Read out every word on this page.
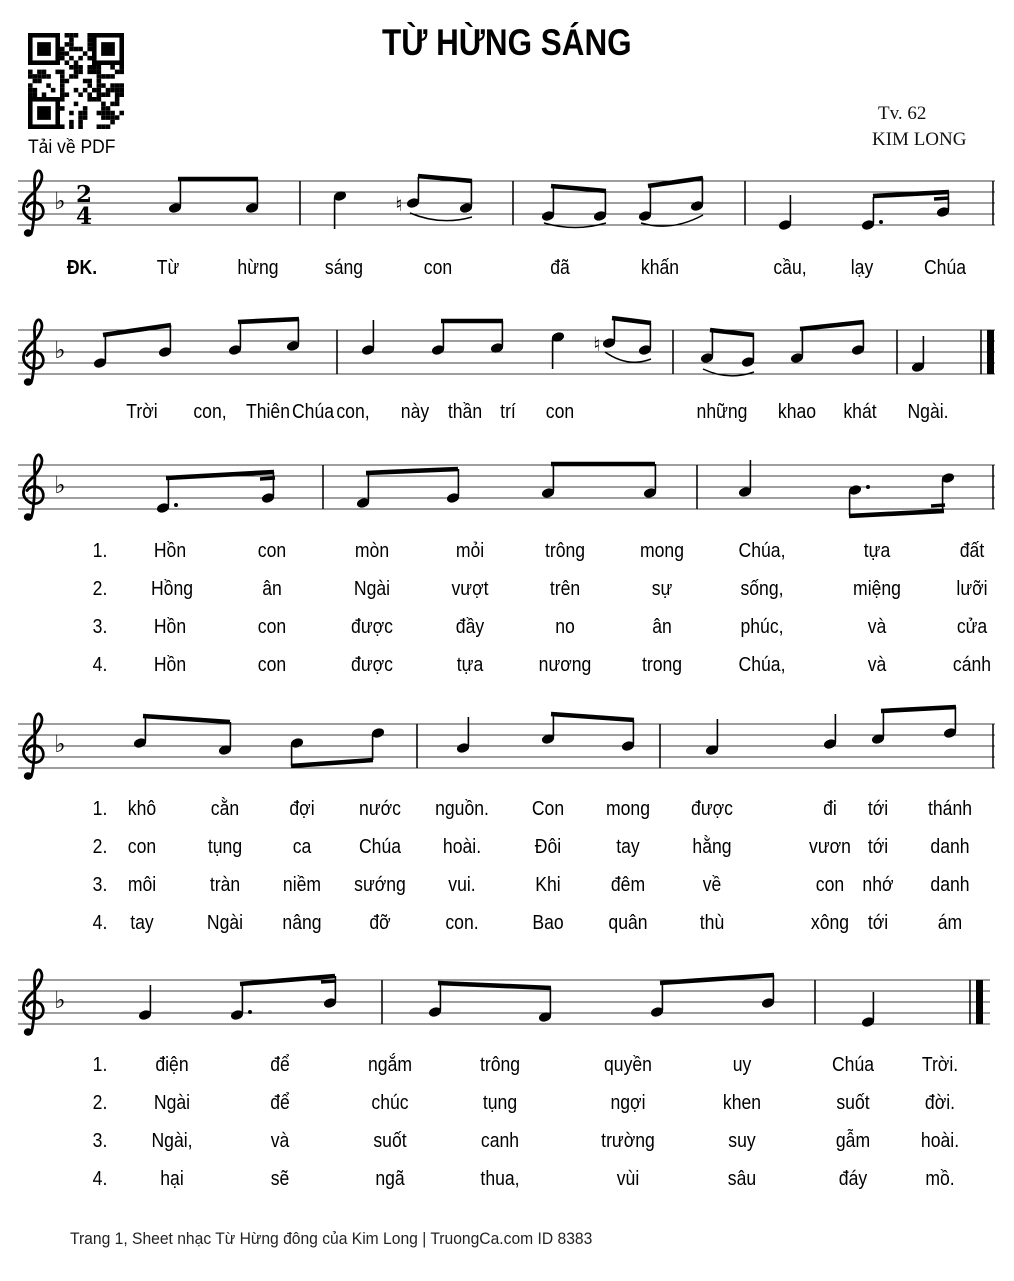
Tải về PDF
TỪ HỪNG SÁNG
Tv. 62
KIM LONG
♭ 2
4	♮
♭	♮
♭
♭
♭
ĐK.	Từ	hừng sáng	con	đã	khấn	cầu, lạy	Chúa
Trời con, Thiên Chúa con, này thần trí con	những khao khát Ngài.
1. Hồn	con	mòn	mỏi	trông	mong	Chúa,	tựa	đất
2. Hồng	ân	Ngài	vượt	trên	sự	sống,	miệng	lưỡi
3. Hồn	con	được	đầy	no	ân	phúc,	và	cửa
4. Hồn	con	được	tựa	nương	trong	Chúa,	và	cánh
1. khô	cằn	đợi nước nguồn. Con mong được	đi tới thánh
2. con	tụng	ca Chúa hoài.	Đôi	tay	hằng	vươn tới danh
3. môi	tràn niềm sướng vui.	Khi	đêm	về	con nhớ danh
4. tay	Ngài nâng đỡ	con.	Bao quân	thù	xông tới ám
1. điện	để	ngắm	trông	quyền	uy	Chúa Trời.
2. Ngài	để	chúc	tụng	ngợi	khen	suốt	đời.
3. Ngài,	và	suốt	canh	trường	suy	gẫm	hoài.
4.	hại	sẽ	ngã	thua,	vùi	sâu	đáy	mồ.
Trang 1, Sheet nhạc Từ Hừng đông của Kim Long | TruongCa.com ID 8383
